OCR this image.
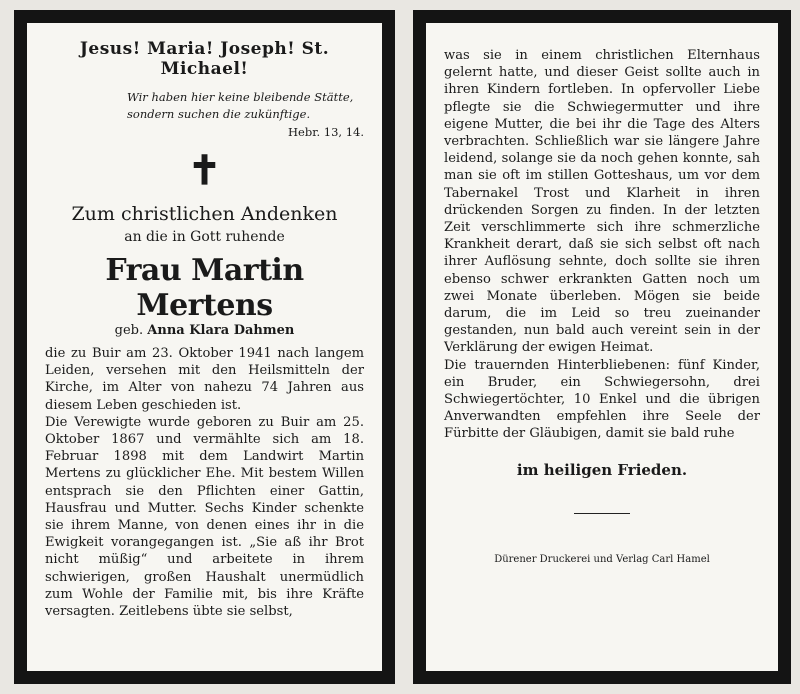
Jesus! Maria! Joseph! St. Michael!
Wir haben hier keine bleibende Stätte, sondern suchen die zukünftige.
Hebr. 13, 14.
✝
Zum christlichen Andenken
an die in Gott ruhende
Frau Martin Mertens
geb. Anna Klara Dahmen

die zu Buir am 23. Oktober 1941 nach langem Leiden, versehen mit den Heilsmitteln der Kirche, im Alter von nahezu 74 Jahren aus diesem Leben geschieden ist.

Die Verewigte wurde geboren zu Buir am 25. Oktober 1867 und vermählte sich am 18. Februar 1898 mit dem Landwirt Martin Mertens zu glücklicher Ehe. Mit bestem Willen entsprach sie den Pflichten einer Gattin, Hausfrau und Mutter. Sechs Kinder schenkte sie ihrem Manne, von denen eines ihr in die Ewigkeit vorangegangen ist. „Sie aß ihr Brot nicht müßig“ und arbeitete in ihrem schwierigen, großen Haushalt unermüdlich zum Wohle der Familie mit, bis ihre Kräfte versagten. Zeitlebens übte sie selbst,

was sie in einem christlichen Elternhaus gelernt hatte, und dieser Geist sollte auch in ihren Kindern fortleben. In opfervoller Liebe pflegte sie die Schwiegermutter und ihre eigene Mutter, die bei ihr die Tage des Alters verbrachten. Schließlich war sie längere Jahre leidend, solange sie da noch gehen konnte, sah man sie oft im stillen Gotteshaus, um vor dem Tabernakel Trost und Klarheit in ihren drückenden Sorgen zu finden. In der letzten Zeit verschlimmerte sich ihre schmerzliche Krankheit derart, daß sie sich selbst oft nach ihrer Auflösung sehnte, doch sollte sie ihren ebenso schwer erkrankten Gatten noch um zwei Monate überleben. Mögen sie beide darum, die im Leid so treu zueinander gestanden, nun bald auch vereint sein in der Verklärung der ewigen Heimat.

Die trauernden Hinterbliebenen: fünf Kinder, ein Bruder, ein Schwiegersohn, drei Schwiegertöchter, 10 Enkel und die übrigen Anverwandten empfehlen ihre Seele der Fürbitte der Gläubigen, damit sie bald ruhe

im heiligen Frieden.
Dürener Druckerei und Verlag Carl Hamel
